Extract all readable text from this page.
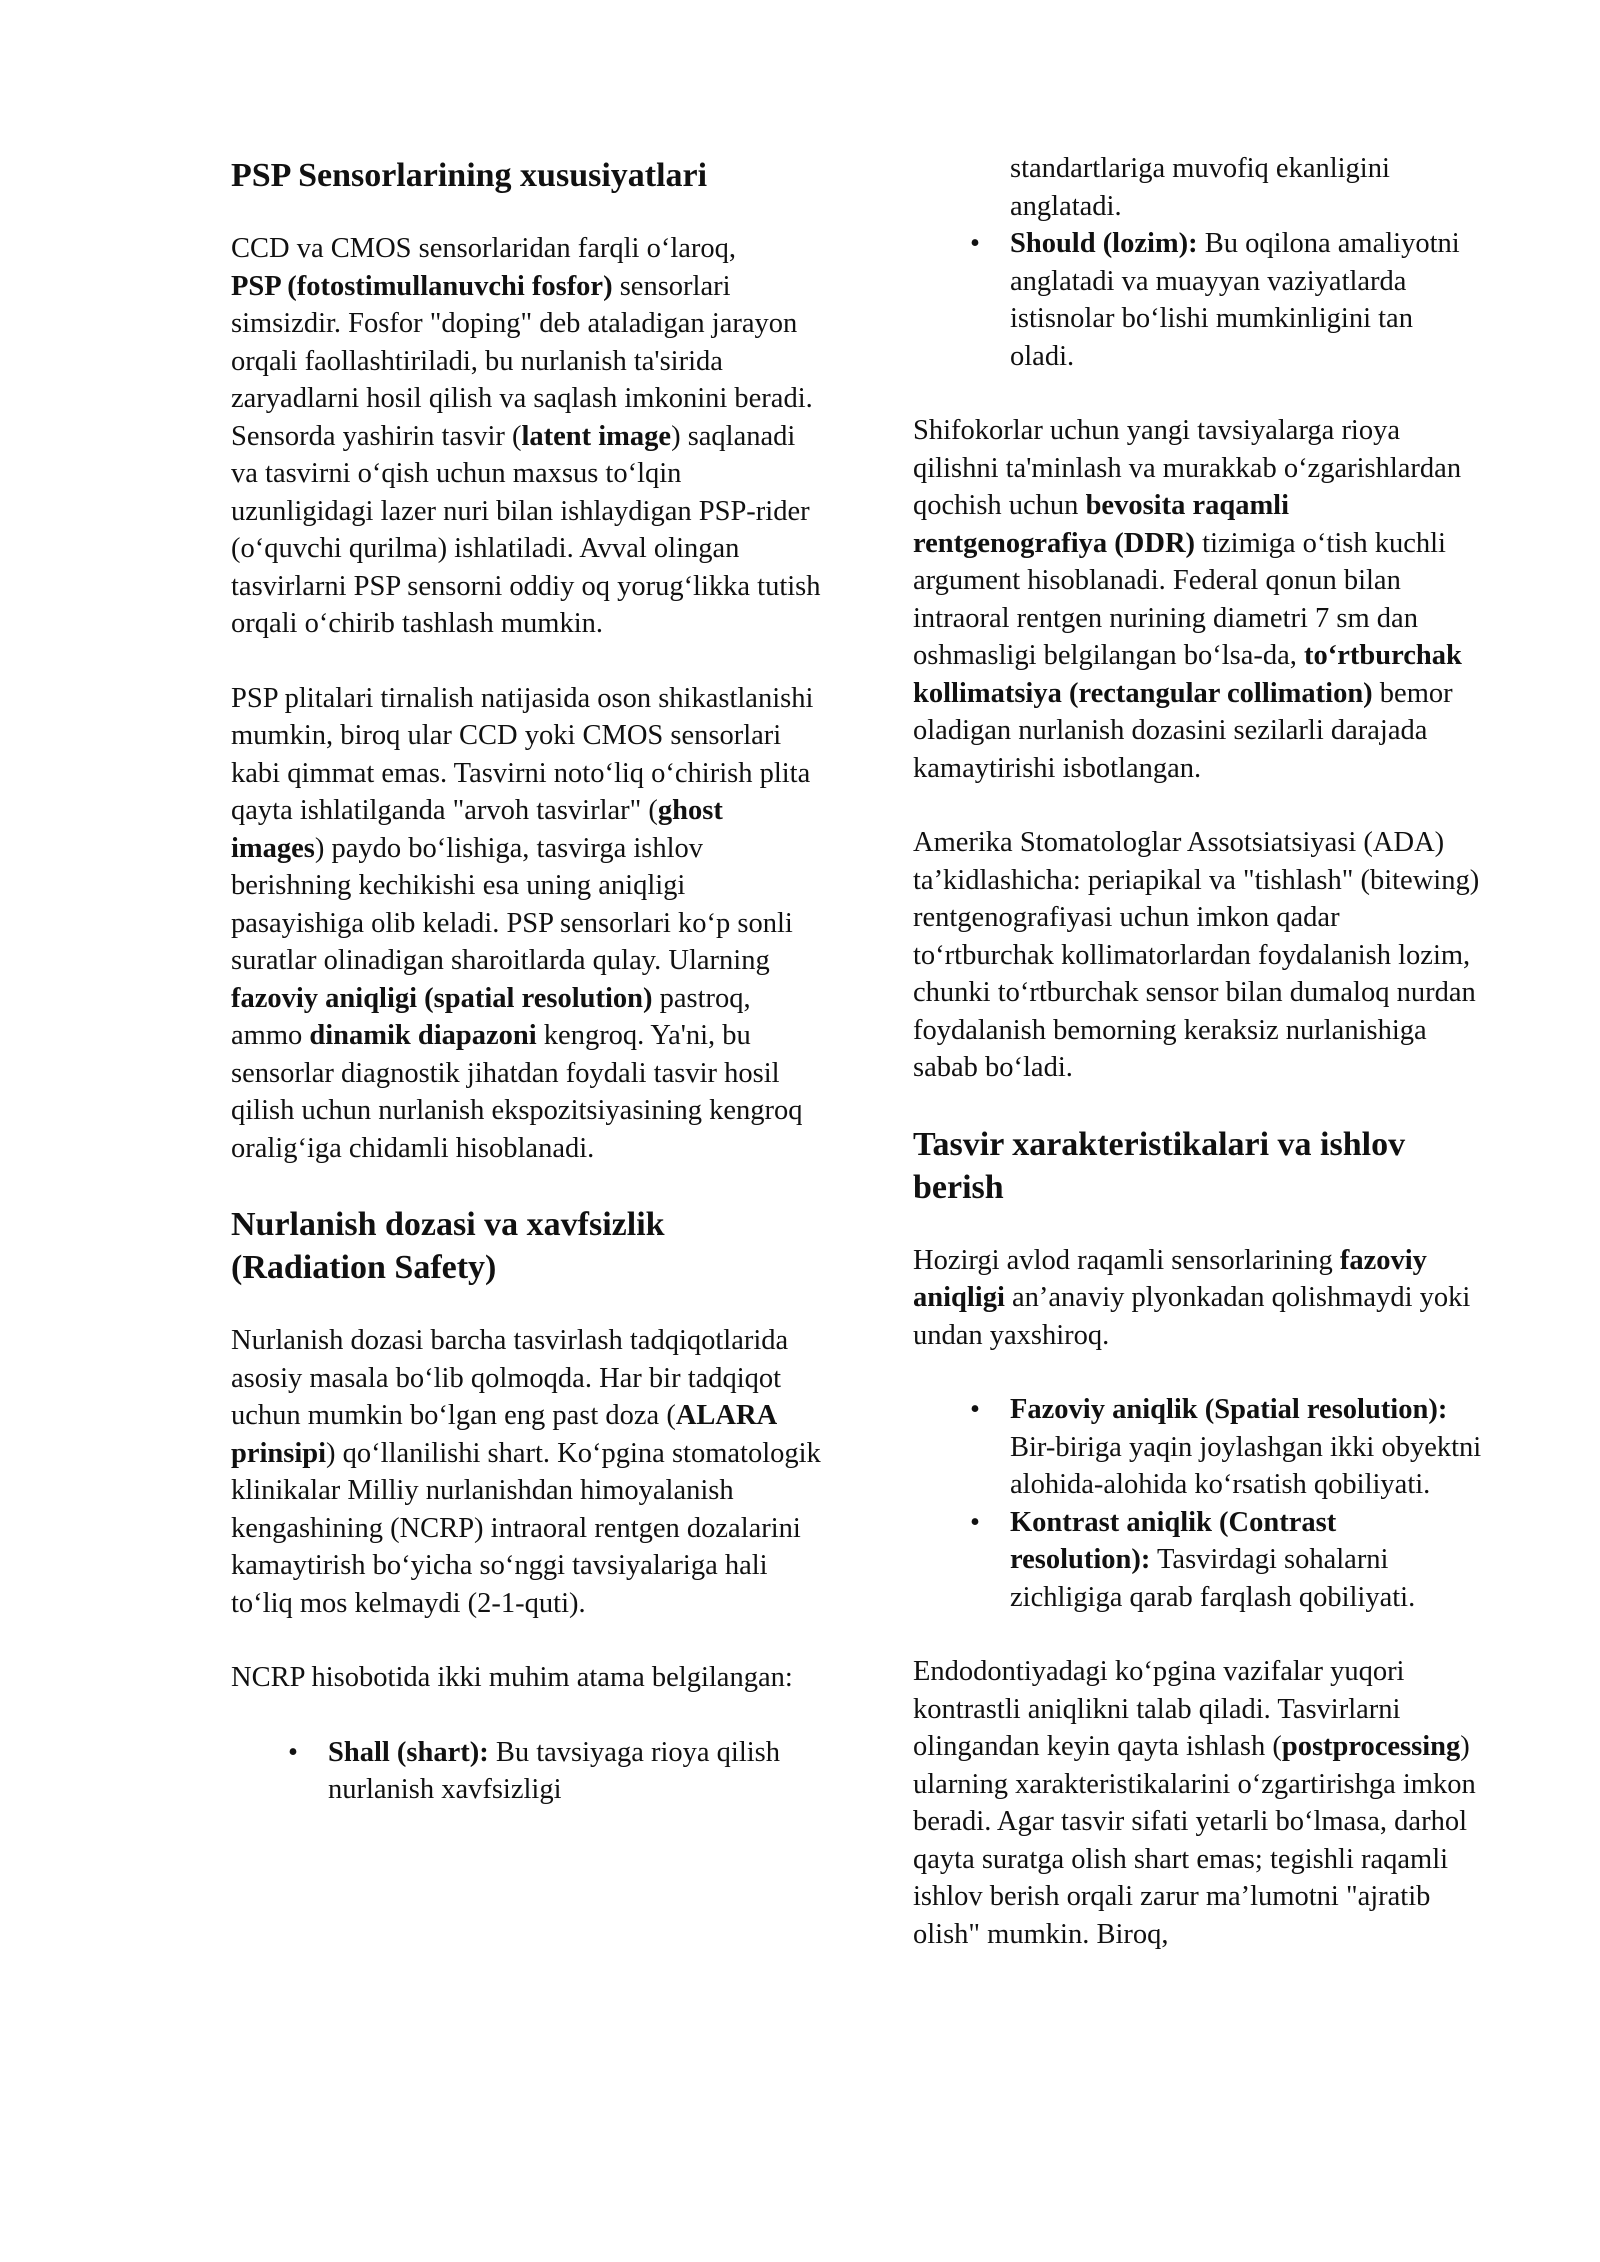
PSP Sensorlarining xususiyatlari

CCD va CMOS sensorlaridan farqli o‘laroq,
PSP (fotostimullanuvchi fosfor) sensorlari simsizdir. Fosfor "doping" deb ataladigan jarayon orqali faollashtiriladi, bu nurlanish ta'sirida zaryadlarni hosil qilish va saqlash imkonini beradi. Sensorda yashirin tasvir (latent image) saqlanadi va tasvirni o‘qish uchun maxsus to‘lqin uzunligidagi lazer nuri bilan ishlaydigan PSP-rider (o‘quvchi qurilma) ishlatiladi. Avval olingan tasvirlarni PSP sensorni oddiy oq yorug‘likka tutish orqali o‘chirib tashlash mumkin.

PSP plitalari tirnalish natijasida oson shikastlanishi mumkin, biroq ular CCD yoki CMOS sensorlari kabi qimmat emas. Tasvirni noto‘liq o‘chirish plita qayta ishlatilganda "arvoh tasvirlar" (ghost images) paydo bo‘lishiga, tasvirga ishlov berishning kechikishi esa uning aniqligi pasayishiga olib keladi. PSP sensorlari ko‘p sonli suratlar olinadigan sharoitlarda qulay. Ularning fazoviy aniqligi (spatial resolution) pastroq, ammo dinamik diapazoni kengroq. Ya'ni, bu sensorlar diagnostik jihatdan foydali tasvir hosil qilish uchun nurlanish ekspozitsiyasining kengroq oralig‘iga chidamli hisoblanadi.

Nurlanish dozasi va xavfsizlik (Radiation Safety)

Nurlanish dozasi barcha tasvirlash tadqiqotlarida asosiy masala bo‘lib qolmoqda. Har bir tadqiqot uchun mumkin bo‘lgan eng past doza (ALARA prinsipi) qo‘llanilishi shart. Ko‘pgina stomatologik klinikalar Milliy nurlanishdan himoyalanish kengashining (NCRP) intraoral rentgen dozalarini kamaytirish bo‘yicha so‘nggi tavsiyalariga hali to‘liq mos kelmaydi (2-1-quti).

NCRP hisobotida ikki muhim atama belgilangan:

• Shall (shart): Bu tavsiyaga rioya qilish nurlanish xavfsizligi

standartlariga muvofiq ekanligini anglatadi.

• Should (lozim): Bu oqilona amaliyotni anglatadi va muayyan vaziyatlarda istisnolar bo‘lishi mumkinligini tan oladi.

Shifokorlar uchun yangi tavsiyalarga rioya qilishni ta'minlash va murakkab o‘zgarishlardan qochish uchun bevosita raqamli rentgenografiya (DDR) tizimiga o‘tish kuchli argument hisoblanadi. Federal qonun bilan intraoral rentgen nurining diametri 7 sm dan oshmasligi belgilangan bo‘lsa-da, to‘rtburchak kollimatsiya (rectangular collimation) bemor oladigan nurlanish dozasini sezilarli darajada kamaytirishi isbotlangan.

Amerika Stomatologlar Assotsiatsiyasi (ADA) ta’kidlashicha: periapikal va "tishlash" (bitewing) rentgenografiyasi uchun imkon qadar to‘rtburchak kollimatorlardan foydalanish lozim, chunki to‘rtburchak sensor bilan dumaloq nurdan foydalanish bemorning keraksiz nurlanishiga sabab bo‘ladi.

Tasvir xarakteristikalari va ishlov berish

Hozirgi avlod raqamli sensorlarining fazoviy aniqligi an’anaviy plyonkadan qolishmaydi yoki undan yaxshiroq.

• Fazoviy aniqlik (Spatial resolution): Bir-biriga yaqin joylashgan ikki obyektni alohida-alohida ko‘rsatish qobiliyati.
• Kontrast aniqlik (Contrast resolution): Tasvirdagi sohalarni zichligiga qarab farqlash qobiliyati.

Endodontiyadagi ko‘pgina vazifalar yuqori kontrastli aniqlikni talab qiladi. Tasvirlarni olingandan keyin qayta ishlash (postprocessing) ularning xarakteristikalarini o‘zgartirishga imkon beradi. Agar tasvir sifati yetarli bo‘lmasa, darhol qayta suratga olish shart emas; tegishli raqamli ishlov berish orqali zarur ma’lumotni "ajratib olish" mumkin. Biroq,
